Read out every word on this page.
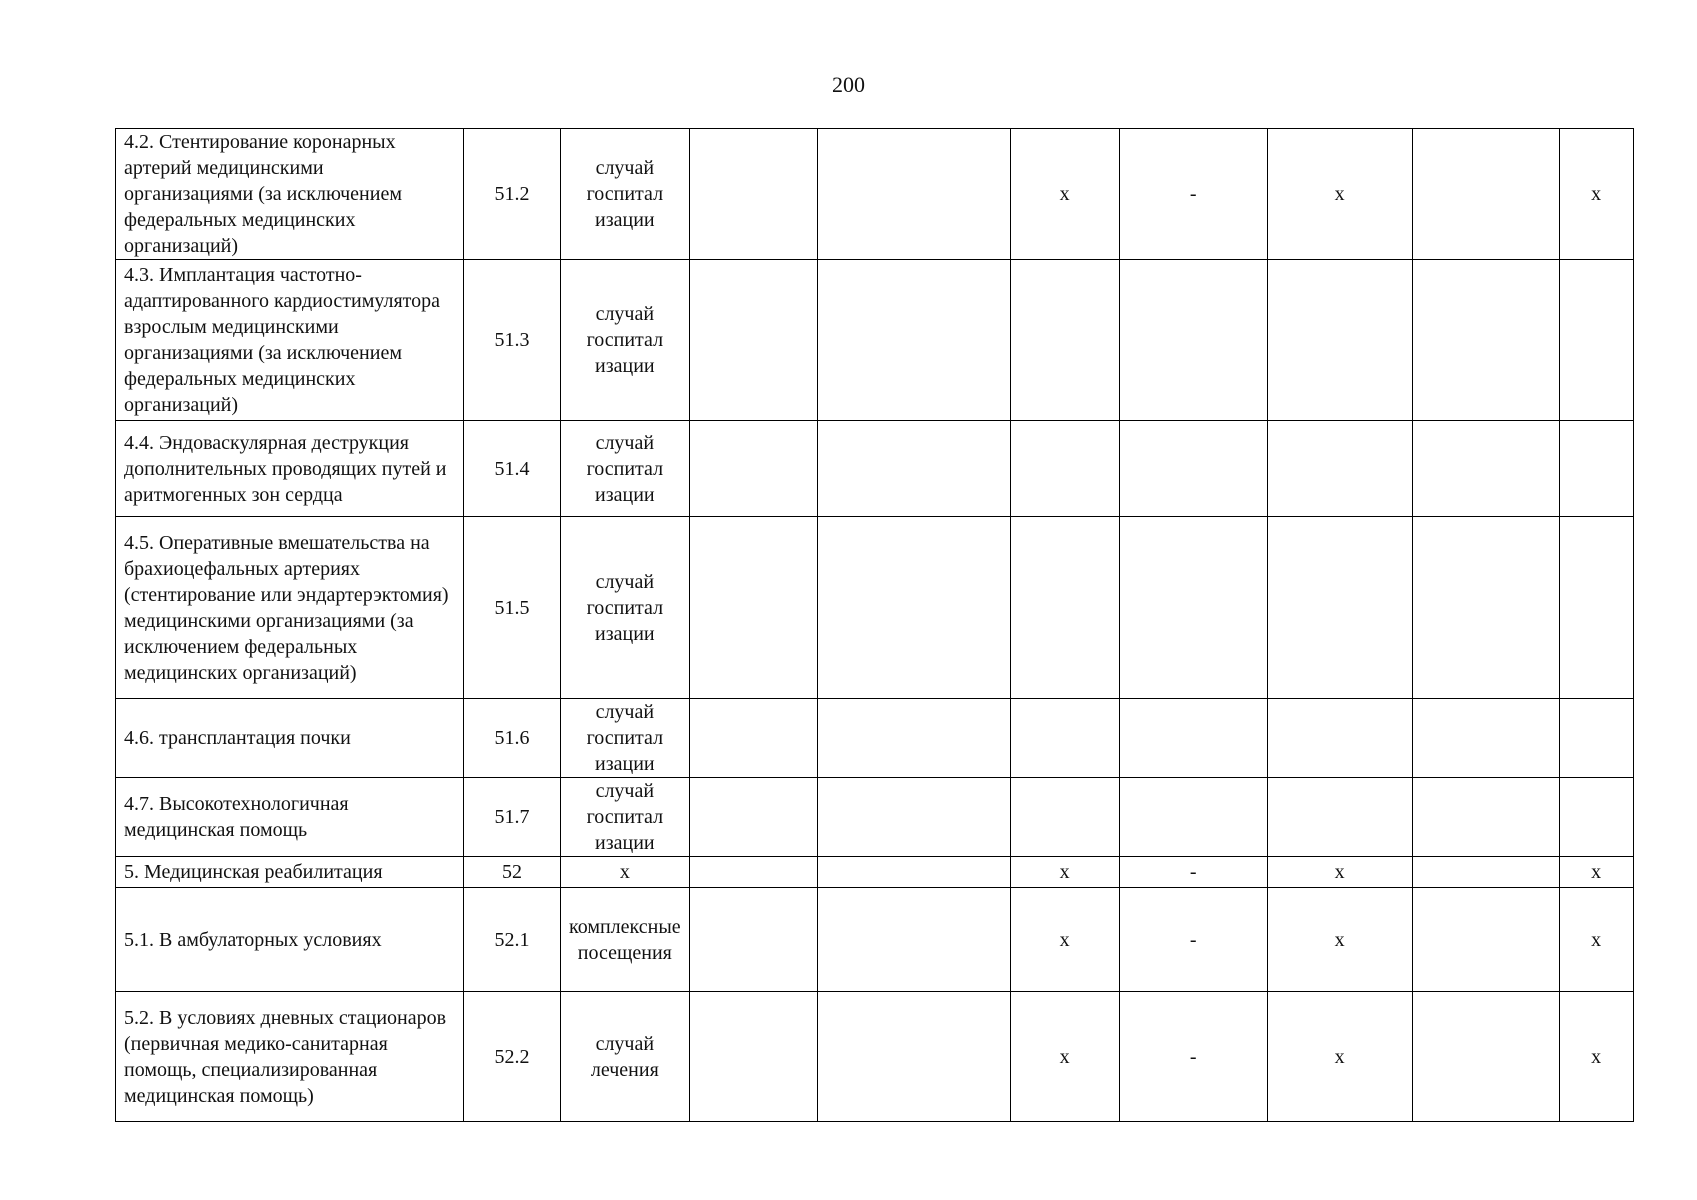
200
4.2. Стентирование коронарных артерий медицинскими организациями (за исключением федеральных медицинских организаций)	51.2	случай госпитал изации			х	-	х		х
4.3. Имплантация частотно-адаптированного кардиостимулятора взрослым медицинскими организациями (за исключением федеральных медицинских организаций)	51.3	случай госпитал изации							
4.4. Эндоваскулярная деструкция дополнительных проводящих путей и аритмогенных зон сердца	51.4	случай госпитал изации							
4.5. Оперативные вмешательства на брахиоцефальных артериях (стентирование или эндартерэктомия) медицинскими организациями (за исключением федеральных медицинских организаций)	51.5	случай госпитал изации							
4.6. трансплантация почки	51.6	случай госпитал изации							
4.7. Высокотехнологичная медицинская помощь	51.7	случай госпитал изации							
5. Медицинская реабилитация	52	х			х	-	х		х
5.1. В амбулаторных условиях	52.1	комплексные посещения			х	-	х		х
5.2. В условиях дневных стационаров (первичная медико-санитарная помощь, специализированная медицинская помощь)	52.2	случай лечения			х	-	х		х
